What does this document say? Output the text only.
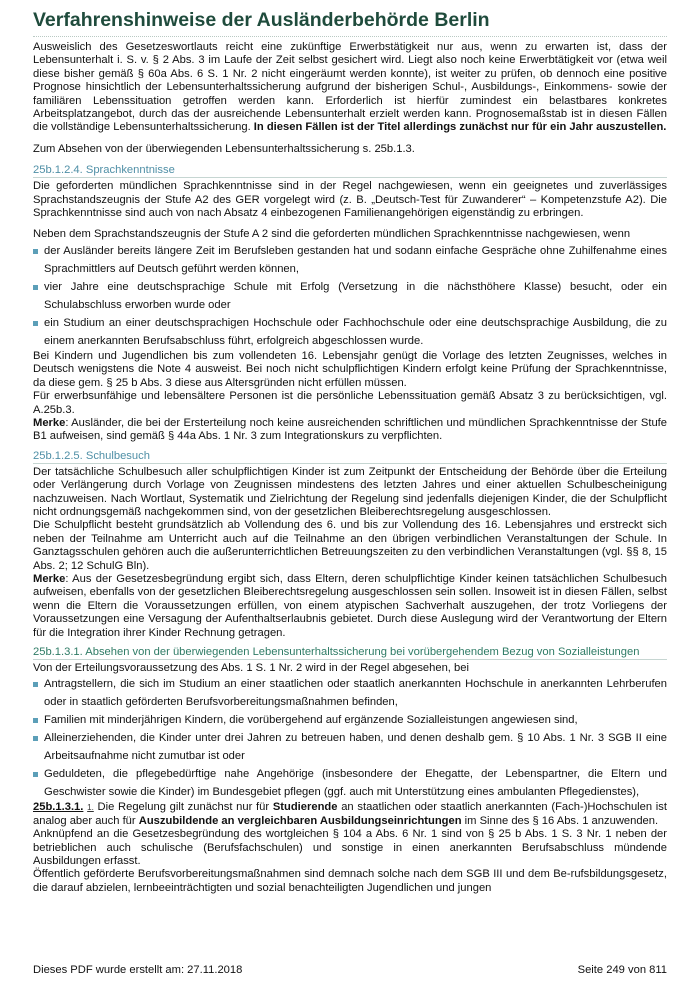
Verfahrenshinweise der Ausländerbehörde Berlin

Ausweislich des Gesetzeswortlauts reicht eine zukünftige Erwerbstätigkeit nur aus, wenn zu erwarten ist, dass der Lebensunterhalt i. S. v. § 2 Abs. 3 im Laufe der Zeit selbst gesichert wird. Liegt also noch keine Erwerbtätigkeit vor (etwa weil diese bisher gemäß § 60a Abs. 6 S. 1 Nr. 2 nicht eingeräumt werden konnte), ist weiter zu prüfen, ob dennoch eine positive Prognose hinsichtlich der Lebensunterhaltssicherung aufgrund der bisherigen Schul-, Ausbildungs-, Einkommens- sowie der familiären Lebenssituation getroffen werden kann. Erforderlich ist hierfür zumindest ein belastbares konkretes Arbeitsplatzangebot, durch das der ausreichende Lebensunterhalt erzielt werden kann. Prognosemaßstab ist in diesen Fällen die vollständige Lebensunterhaltssicherung. In diesen Fällen ist der Titel allerdings zunächst nur für ein Jahr auszustellen.

Zum Absehen von der überwiegenden Lebensunterhaltssicherung s. 25b.1.3.

25b.1.2.4. Sprachkenntnisse

Die geforderten mündlichen Sprachkenntnisse sind in der Regel nachgewiesen, wenn ein geeignetes und zuverlässiges Sprachstandszeugnis der Stufe A2 des GER vorgelegt wird (z. B. „Deutsch-Test für Zuwanderer“ – Kompetenzstufe A2). Die Sprachkenntnisse sind auch von nach Absatz 4 einbezogenen Familienangehörigen eigenständig zu erbringen.

Neben dem Sprachstandszeugnis der Stufe A 2 sind die geforderten mündlichen Sprachkenntnisse nachgewiesen, wenn

der Ausländer bereits längere Zeit im Berufsleben gestanden hat und sodann einfache Gespräche ohne Zuhilfenahme eines Sprachmittlers auf Deutsch geführt werden können,
vier Jahre eine deutschsprachige Schule mit Erfolg (Versetzung in die nächsthöhere Klasse) besucht, oder ein Schulabschluss erworben wurde oder
ein Studium an einer deutschsprachigen Hochschule oder Fachhochschule oder eine deutschsprachige Ausbildung, die zu einem anerkannten Berufsabschluss führt, erfolgreich abgeschlossen wurde.

Bei Kindern und Jugendlichen bis zum vollendeten 16. Lebensjahr genügt die Vorlage des letzten Zeugnisses, welches in Deutsch wenigstens die Note 4 ausweist. Bei noch nicht schulpflichtigen Kindern erfolgt keine Prüfung der Sprachkenntnisse, da diese gem. § 25 b Abs. 3 diese aus Altersgründen nicht erfüllen müssen.

Für erwerbsunfähige und lebensältere Personen ist die persönliche Lebenssituation gemäß Absatz 3 zu berücksichtigen, vgl. A.25b.3.

Merke: Ausländer, die bei der Ersterteilung noch keine ausreichenden schriftlichen und mündlichen Sprachkenntnisse der Stufe B1 aufweisen, sind gemäß § 44a Abs. 1 Nr. 3 zum Integrationskurs zu verpflichten.

25b.1.2.5. Schulbesuch

Der tatsächliche Schulbesuch aller schulpflichtigen Kinder ist zum Zeitpunkt der Entscheidung der Behörde über die Erteilung oder Verlängerung durch Vorlage von Zeugnissen mindestens des letzten Jahres und einer aktuellen Schulbescheinigung nachzuweisen. Nach Wortlaut, Systematik und Zielrichtung der Regelung sind jedenfalls diejenigen Kinder, die der Schulpflicht nicht ordnungsgemäß nachgekommen sind, von der gesetzlichen Bleiberechtsregelung ausgeschlossen.

Die Schulpflicht besteht grundsätzlich ab Vollendung des 6. und bis zur Vollendung des 16. Lebensjahres und erstreckt sich neben der Teilnahme am Unterricht auch auf die Teilnahme an den übrigen verbindlichen Veranstaltungen der Schule. In Ganztagsschulen gehören auch die außerunterrichtlichen Betreuungszeiten zu den verbindlichen Veranstaltungen (vgl. §§ 8, 15 Abs. 2; 12 SchulG Bln).

Merke: Aus der Gesetzesbegründung ergibt sich, dass Eltern, deren schulpflichtige Kinder keinen tatsächlichen Schulbesuch aufweisen, ebenfalls von der gesetzlichen Bleiberechtsregelung ausgeschlossen sein sollen. Insoweit ist in diesen Fällen, selbst wenn die Eltern die Voraussetzungen erfüllen, von einem atypischen Sachverhalt auszugehen, der trotz Vorliegens der Voraussetzungen eine Versagung der Aufenthaltserlaubnis gebietet. Durch diese Auslegung wird der Verantwortung der Eltern für die Integration ihrer Kinder Rechnung getragen.

25b.1.3.1. Absehen von der überwiegenden Lebensunterhaltssicherung bei vorübergehendem Bezug von Sozialleistungen

Von der Erteilungsvoraussetzung des Abs. 1 S. 1 Nr. 2 wird in der Regel abgesehen, bei

Antragstellern, die sich im Studium an einer staatlichen oder staatlich anerkannten Hochschule in anerkannten Lehrberufen oder in staatlich geförderten Berufsvorbereitungsmaßnahmen befinden,
Familien mit minderjährigen Kindern, die vorübergehend auf ergänzende Sozialleistungen angewiesen sind,
Alleinerziehenden, die Kinder unter drei Jahren zu betreuen haben, und denen deshalb gem. § 10 Abs. 1 Nr. 3 SGB II eine Arbeitsaufnahme nicht zumutbar ist oder
Geduldeten, die pflegebedürftige nahe Angehörige (insbesondere der Ehegatte, der Lebenspartner, die Eltern und Geschwister sowie die Kinder) im Bundesgebiet pflegen (ggf. auch mit Unterstützung eines ambulanten Pflegedienstes),

25b.1.3.1. 1. Die Regelung gilt zunächst nur für Studierende an staatlichen oder staatlich anerkannten (Fach-)Hochschulen ist analog aber auch für Auszubildende an vergleichbaren Ausbildungseinrichtungen im Sinne des § 16 Abs. 1 anzuwenden.

Anknüpfend an die Gesetzesbegründung des wortgleichen § 104 a Abs. 6 Nr. 1 sind von § 25 b Abs. 1 S. 3 Nr. 1 neben der betrieblichen auch schulische (Berufsfachschulen) und sonstige in einen anerkannten Berufsabschluss mündende Ausbildungen erfasst.

Öffentlich geförderte Berufsvorbereitungsmaßnahmen sind demnach solche nach dem SGB III und dem Be-rufsbildungsgesetz, die darauf abzielen, lernbeeinträchtigten und sozial benachteiligten Jugendlichen und jungen

Dieses PDF wurde erstellt am: 27.11.2018	Seite 249 von 811
